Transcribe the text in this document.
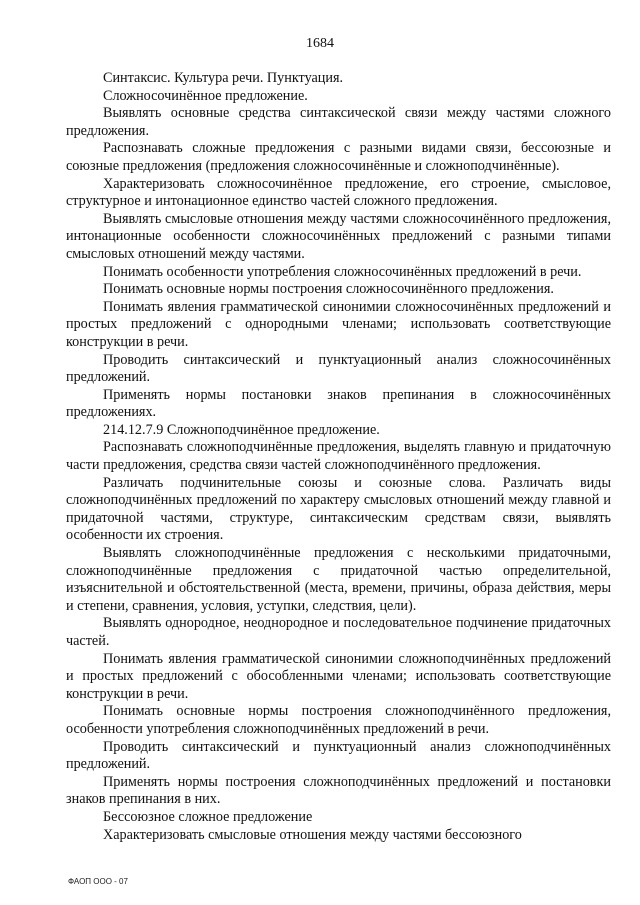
1684

Синтаксис. Культура речи. Пунктуация.

Сложносочинённое предложение.

Выявлять основные средства синтаксической связи между частями сложного предложения.

Распознавать сложные предложения с разными видами связи, бессоюзные и союзные предложения (предложения сложносочинённые и сложноподчинённые).

Характеризовать сложносочинённое предложение, его строение, смысловое, структурное и интонационное единство частей сложного предложения.

Выявлять смысловые отношения между частями сложносочинённого предложения, интонационные особенности сложносочинённых предложений с разными типами смысловых отношений между частями.

Понимать особенности употребления сложносочинённых предложений в речи.

Понимать основные нормы построения сложносочинённого предложения.

Понимать явления грамматической синонимии сложносочинённых предложений и простых предложений с однородными членами; использовать соответствующие конструкции в речи.

Проводить синтаксический и пунктуационный анализ сложносочинённых предложений.

Применять нормы постановки знаков препинания в сложносочинённых предложениях.

214.12.7.9 Сложноподчинённое предложение.

Распознавать сложноподчинённые предложения, выделять главную и придаточную части предложения, средства связи частей сложноподчинённого предложения.

Различать подчинительные союзы и союзные слова. Различать виды сложноподчинённых предложений по характеру смысловых отношений между главной и придаточной частями, структуре, синтаксическим средствам связи, выявлять особенности их строения.

Выявлять сложноподчинённые предложения с несколькими придаточными, сложноподчинённые предложения с придаточной частью определительной, изъяснительной и обстоятельственной (места, времени, причины, образа действия, меры и степени, сравнения, условия, уступки, следствия, цели).

Выявлять однородное, неоднородное и последовательное подчинение придаточных частей.

Понимать явления грамматической синонимии сложноподчинённых предложений и простых предложений с обособленными членами; использовать соответствующие конструкции в речи.

Понимать основные нормы построения сложноподчинённого предложения, особенности употребления сложноподчинённых предложений в речи.

Проводить синтаксический и пунктуационный анализ сложноподчинённых предложений.

Применять нормы построения сложноподчинённых предложений и постановки знаков препинания в них.

Бессоюзное сложное предложение

Характеризовать смысловые отношения между частями бессоюзного

ФАОП ООО - 07
